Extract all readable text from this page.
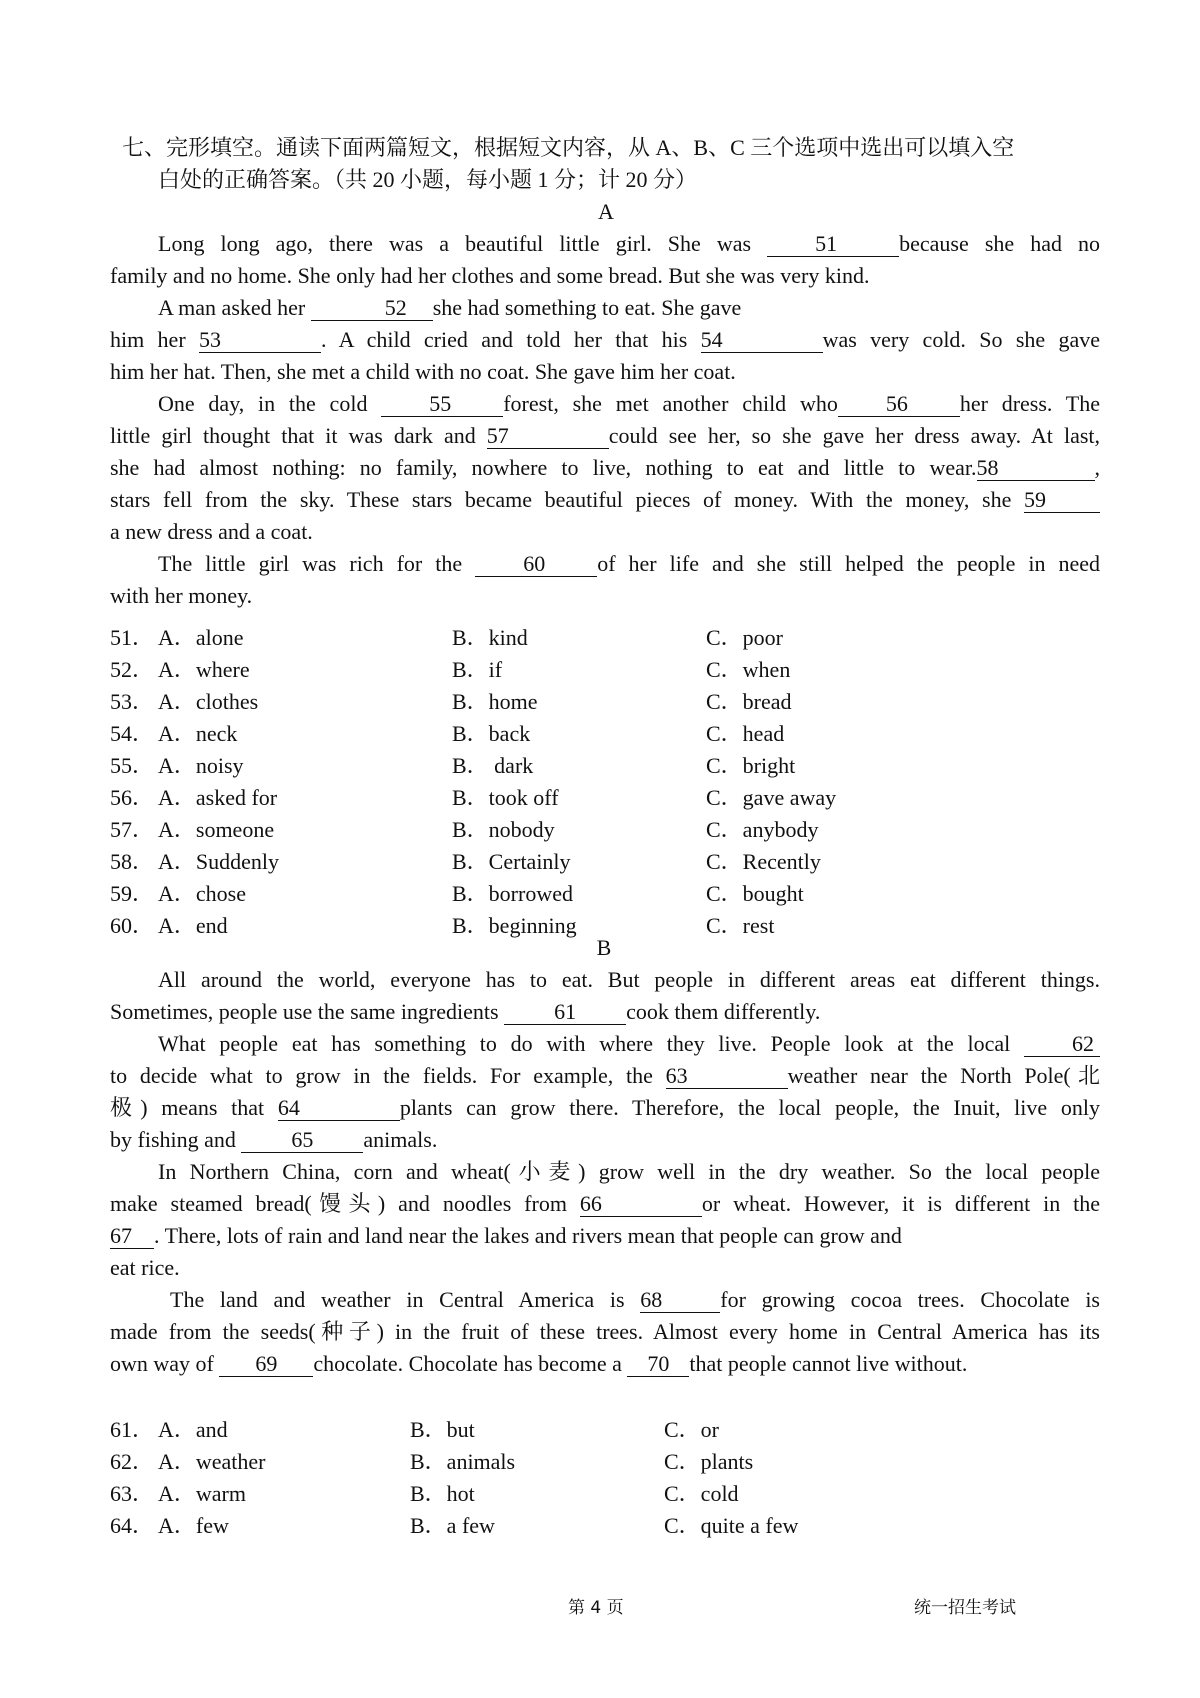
七、完形填空。通读下面两篇短文，根据短文内容，从 A、B、C 三个选项中选出可以填入空
白处的正确答案。（共 20 小题，每小题 1 分；计 20 分）
A
Long long ago, there was a beautiful little girl. She was	51	because she had no
family and no home. She only had her clothes and some bread. But she was very kind.
A man asked her	52 she had something to eat. She gave
him her 53	. A child cried and told her that his 54	was very cold. So she gave
him her hat. Then, she met a child with no coat. She gave him her coat.
One day, in the cold	55 forest, she met another child who 56 her dress. The
little girl thought that it was dark and 57	could see her, so she gave her dress away. At last,
she had almost nothing: no family, nowhere to live, nothing to eat and little to wear.58	,
stars fell from the sky. These stars became beautiful pieces of money. With the money, she 59
a new dress and a coat.
The little girl was rich for the	60 of her life and she still helped the people in need
with her money.
51． A．alone	B．kind	C．poor
52． A．where	B．if	C．when
53． A．clothes	B．home	C．bread
54． A．neck	B．back	C．head
55． A．noisy	B． dark	C．bright
56． A．asked for	B．took off	C．gave away
57． A．someone	B．nobody	C．anybody
58． A．Suddenly	B．Certainly	C．Recently
59． A．chose	B．borrowed	C．bought
60． A．end	B．beginning	C．rest
B
All around the world, everyone has to eat. But people in different areas eat different things.
Sometimes, people use the same ingredients	61 cook them differently.
What people eat has something to do with where they live. People look at the local	62
to decide what to grow in the fields. For example, the 63	weather near the North Pole(北
极) means that 64	plants can grow there. Therefore, the local people, the Inuit, live only
by fishing and	65 animals.
In Northern China, corn and wheat(小麦) grow well in the dry weather. So the local people
make steamed bread(馒头) and noodles from 66	or wheat. However, it is different in the
67 . There, lots of rain and land near the lakes and rivers mean that people can grow and
eat rice.
The land and weather in Central America is 68	for growing cocoa trees. Chocolate is
made from the seeds(种子) in the fruit of these trees. Almost every home in Central America has its
own way of 69 chocolate. Chocolate has become a 70 that people cannot live without.
61． A．and	B．but	C．or
62． A．weather	B．animals	C．plants
63． A．warm	B．hot	C．cold
64． A．few	B．a few	C．quite a few
第 4 页	统一招生考试
